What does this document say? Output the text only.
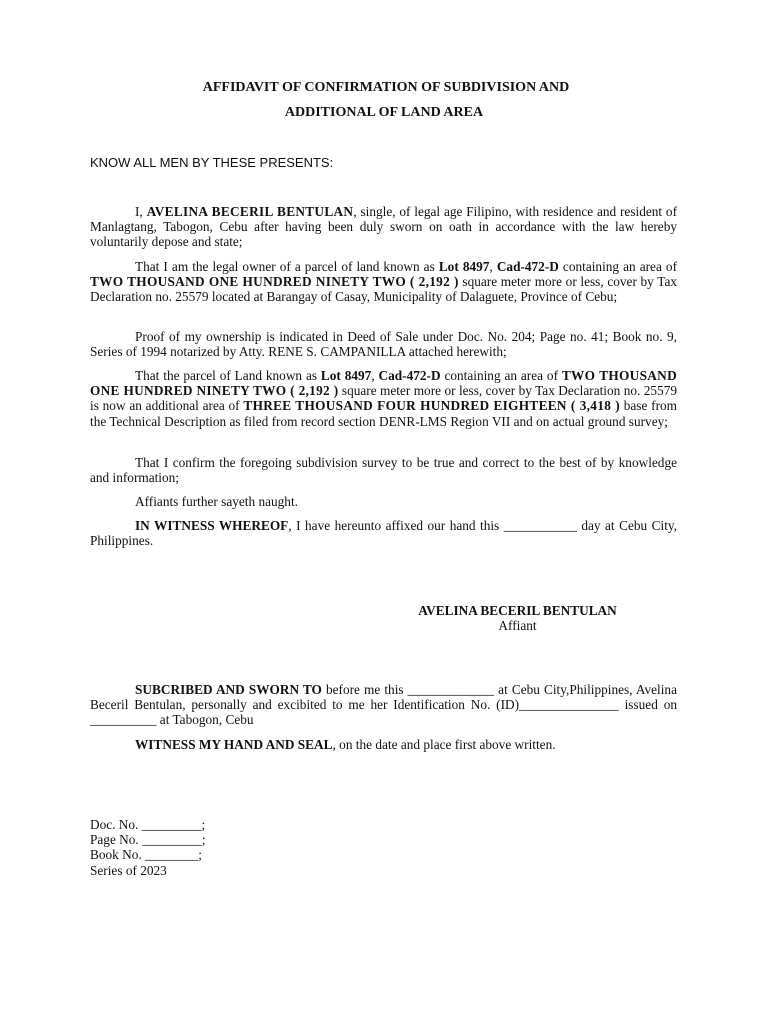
AFFIDAVIT OF CONFIRMATION OF SUBDIVISION AND
ADDITIONAL OF LAND AREA
KNOW ALL MEN BY THESE PRESENTS:

I, AVELINA BECERIL BENTULAN, single, of legal age Filipino, with residence and resident of Manlagtang, Tabogon, Cebu after having been duly sworn on oath in accordance with the law hereby voluntarily depose and state;

That I am the legal owner of a parcel of land known as Lot 8497, Cad-472-D containing an area of TWO THOUSAND ONE HUNDRED NINETY TWO ( 2,192 ) square meter more or less, cover by Tax Declaration no. 25579 located at Barangay of Casay, Municipality of Dalaguete, Province of Cebu;

Proof of my ownership is indicated in Deed of Sale under Doc. No. 204; Page no. 41; Book no. 9, Series of 1994 notarized by Atty. RENE S. CAMPANILLA attached herewith;

That the parcel of Land known as Lot 8497, Cad-472-D containing an area of TWO THOUSAND ONE HUNDRED NINETY TWO ( 2,192 ) square meter more or less, cover by Tax Declaration no. 25579 is now an additional area of THREE THOUSAND FOUR HUNDRED EIGHTEEN ( 3,418 ) base from the Technical Description as filed from record section DENR-LMS Region VII and on actual ground survey;

That I confirm the foregoing subdivision survey to be true and correct to the best of by knowledge and information;

Affiants further sayeth naught.

IN WITNESS WHEREOF, I have hereunto affixed our hand this ___________ day at Cebu City, Philippines.

AVELINA BECERIL BENTULAN
Affiant

SUBCRIBED AND SWORN TO before me this _____________ at Cebu City,Philippines, Avelina Beceril Bentulan, personally and excibited to me her Identification No. (ID)_______________ issued on __________ at Tabogon, Cebu

WITNESS MY HAND AND SEAL, on the date and place first above written.

Doc. No. _________;
Page No. _________;
Book No. ________;
Series of 2023
